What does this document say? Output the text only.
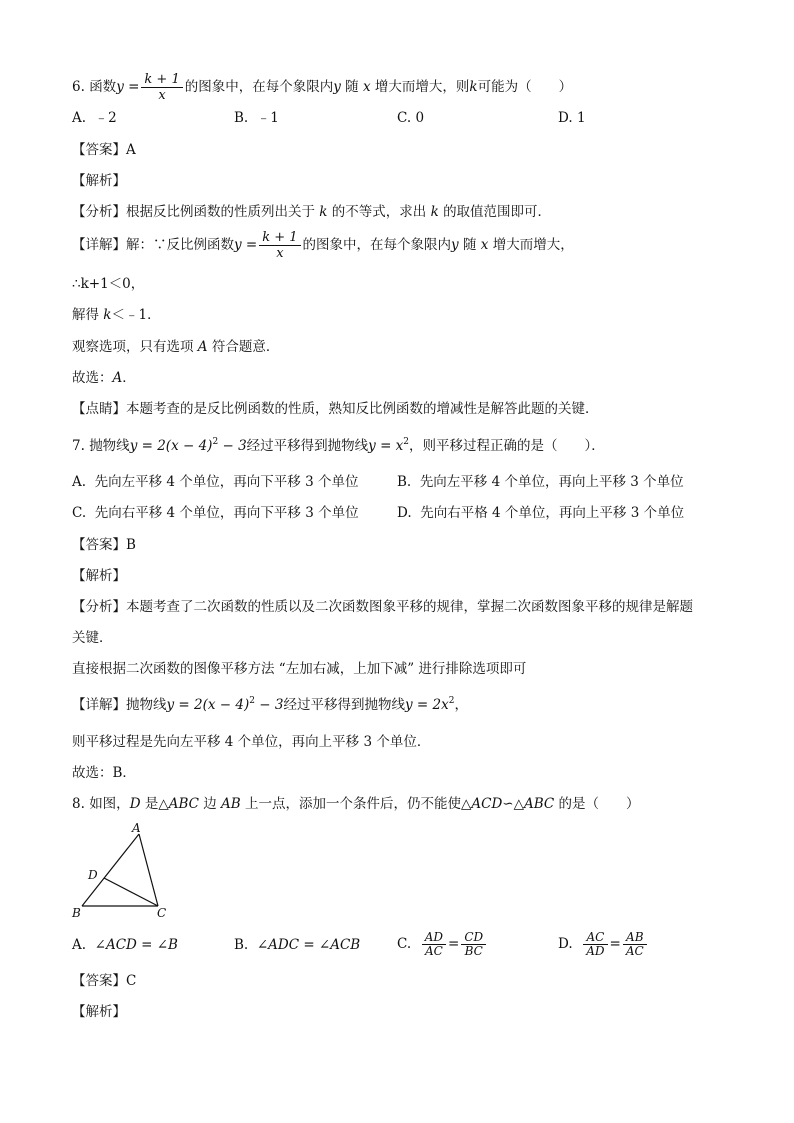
6. 函数$y = \frac{k + 1}{x}$ 的图象中，在每个象限内y 随 x 增大而增大，则k可能为（　　）
A. ﹣2	B. ﹣1	C. 0	D. 1
【答案】A
【解析】
【分析】根据反比例函数的性质列出关于 k 的不等式，求出 k 的取值范围即可．
【详解】解：∵反比例函数$y = \frac{k + 1}{x}$ 的图象中，在每个象限内y 随 x 增大而增大，
∴k+1＜0，
解得 k＜﹣1．
观察选项，只有选项 A 符合题意．
故选：A．
【点睛】本题考查的是反比例函数的性质，熟知反比例函数的增减性是解答此题的关键．
7. 抛物线$y = 2(x - 4)^2 - 3$经过平移得到抛物线$y = x^2$，则平移过程正确的是（　　）．
A. 先向左平移 4 个单位，再向下平移 3 个单位	B. 先向左平移 4 个单位，再向上平移 3 个单位
C. 先向右平移 4 个单位，再向下平移 3 个单位	D. 先向右平格 4 个单位，再向上平移 3 个单位
【答案】B
【解析】
【分析】本题考查了二次函数的性质以及二次函数图象平移的规律，掌握二次函数图象平移的规律是解题
关键．
直接根据二次函数的图像平移方法 “左加右减，上加下减” 进行排除选项即可
【详解】抛物线$y = 2(x - 4)^2 - 3$经过平移得到抛物线$y = 2x^2$，
则平移过程是先向左平移 4 个单位，再向上平移 3 个单位．
故选：B．
8. 如图，D 是△ABC 边 AB 上一点，添加一个条件后，仍不能使△ACD∽△ABC 的是（　　）
A
B	C
D
A. ∠ACD = ∠B	B. ∠ADC = ∠ACB	C. $\frac{AD}{AC} = \frac{CD}{BC}$	D. $\frac{AC}{AD} = \frac{AB}{AC}$
【答案】C
【解析】
